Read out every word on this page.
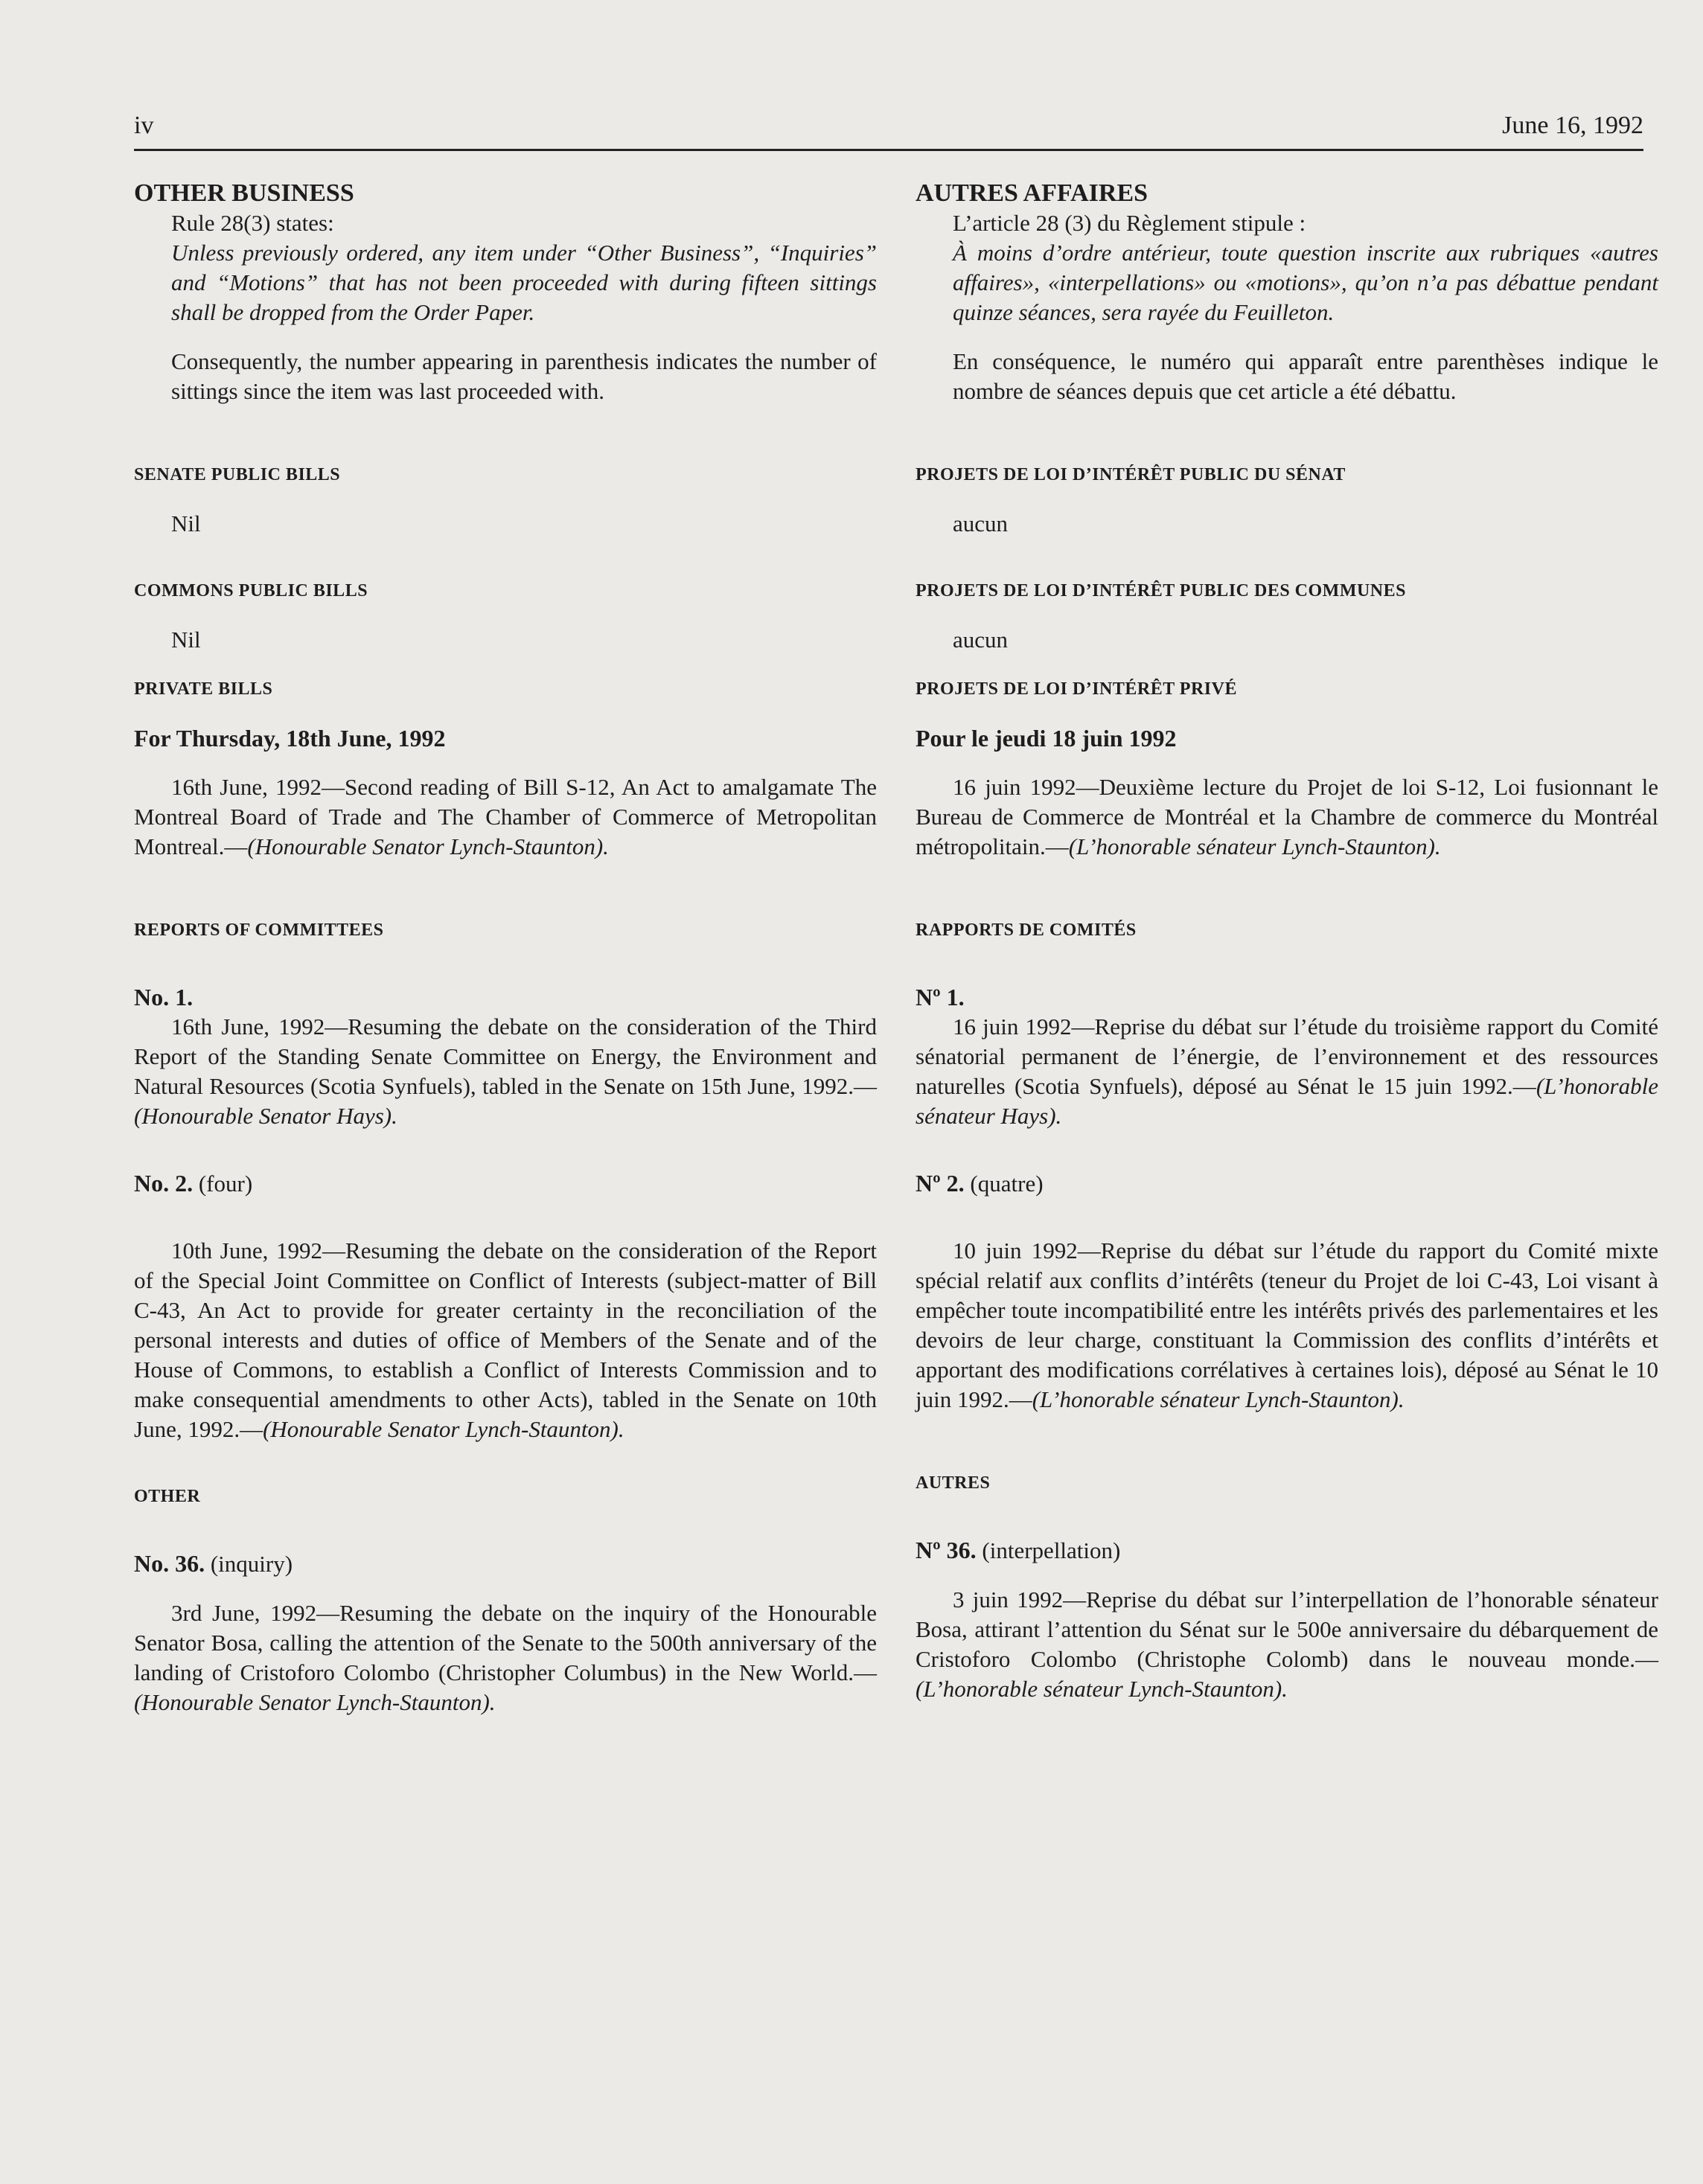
iv	June 16, 1992

OTHER BUSINESS

Rule 28(3) states:

Unless previously ordered, any item under “Other Business”, “Inquiries” and “Motions” that has not been proceeded with during fifteen sittings shall be dropped from the Order Paper.

Consequently, the number appearing in parenthesis indicates the number of sittings since the item was last proceeded with.

SENATE PUBLIC BILLS

Nil

COMMONS PUBLIC BILLS

Nil

PRIVATE BILLS

For Thursday, 18th June, 1992

16th June, 1992—Second reading of Bill S-12, An Act to amalgamate The Montreal Board of Trade and The Chamber of Commerce of Metropolitan Montreal.—(Honourable Senator Lynch-Staunton).

REPORTS OF COMMITTEES

No. 1.

16th June, 1992—Resuming the debate on the consideration of the Third Report of the Standing Senate Committee on Energy, the Environment and Natural Resources (Scotia Synfuels), tabled in the Senate on 15th June, 1992.—(Honourable Senator Hays).

No. 2. (four)

10th June, 1992—Resuming the debate on the consideration of the Report of the Special Joint Committee on Conflict of Interests (subject-matter of Bill C-43, An Act to provide for greater certainty in the reconciliation of the personal interests and duties of office of Members of the Senate and of the House of Commons, to establish a Conflict of Interests Commission and to make consequential amendments to other Acts), tabled in the Senate on 10th June, 1992.—(Honourable Senator Lynch-Staunton).

OTHER

No. 36. (inquiry)

3rd June, 1992—Resuming the debate on the inquiry of the Honourable Senator Bosa, calling the attention of the Senate to the 500th anniversary of the landing of Cristoforo Colombo (Christopher Columbus) in the New World.—(Honourable Senator Lynch-Staunton).

AUTRES AFFAIRES

L’article 28 (3) du Règlement stipule :

À moins d’ordre antérieur, toute question inscrite aux rubriques «autres affaires», «interpellations» ou «motions», qu’on n’a pas débattue pendant quinze séances, sera rayée du Feuilleton.

En conséquence, le numéro qui apparaît entre parenthèses indique le nombre de séances depuis que cet article a été débattu.

PROJETS DE LOI D’INTÉRÊT PUBLIC DU SÉNAT

aucun

PROJETS DE LOI D’INTÉRÊT PUBLIC DES COMMUNES

aucun

PROJETS DE LOI D’INTÉRÊT PRIVÉ

Pour le jeudi 18 juin 1992

16 juin 1992—Deuxième lecture du Projet de loi S-12, Loi fusionnant le Bureau de Commerce de Montréal et la Chambre de commerce du Montréal métropolitain.—(L’honorable sénateur Lynch-Staunton).

RAPPORTS DE COMITÉS

Nº 1.

16 juin 1992—Reprise du débat sur l’étude du troisième rapport du Comité sénatorial permanent de l’énergie, de l’environnement et des ressources naturelles (Scotia Synfuels), déposé au Sénat le 15 juin 1992.—(L’honorable sénateur Hays).

Nº 2. (quatre)

10 juin 1992—Reprise du débat sur l’étude du rapport du Comité mixte spécial relatif aux conflits d’intérêts (teneur du Projet de loi C-43, Loi visant à empêcher toute incompatibilité entre les intérêts privés des parlementaires et les devoirs de leur charge, constituant la Commission des conflits d’intérêts et apportant des modifications corrélatives à certaines lois), déposé au Sénat le 10 juin 1992.—(L’honorable sénateur Lynch-Staunton).

AUTRES

Nº 36. (interpellation)

3 juin 1992—Reprise du débat sur l’interpellation de l’honorable sénateur Bosa, attirant l’attention du Sénat sur le 500e anniversaire du débarquement de Cristoforo Colombo (Christophe Colomb) dans le nouveau monde.—(L’honorable sénateur Lynch-Staunton).
